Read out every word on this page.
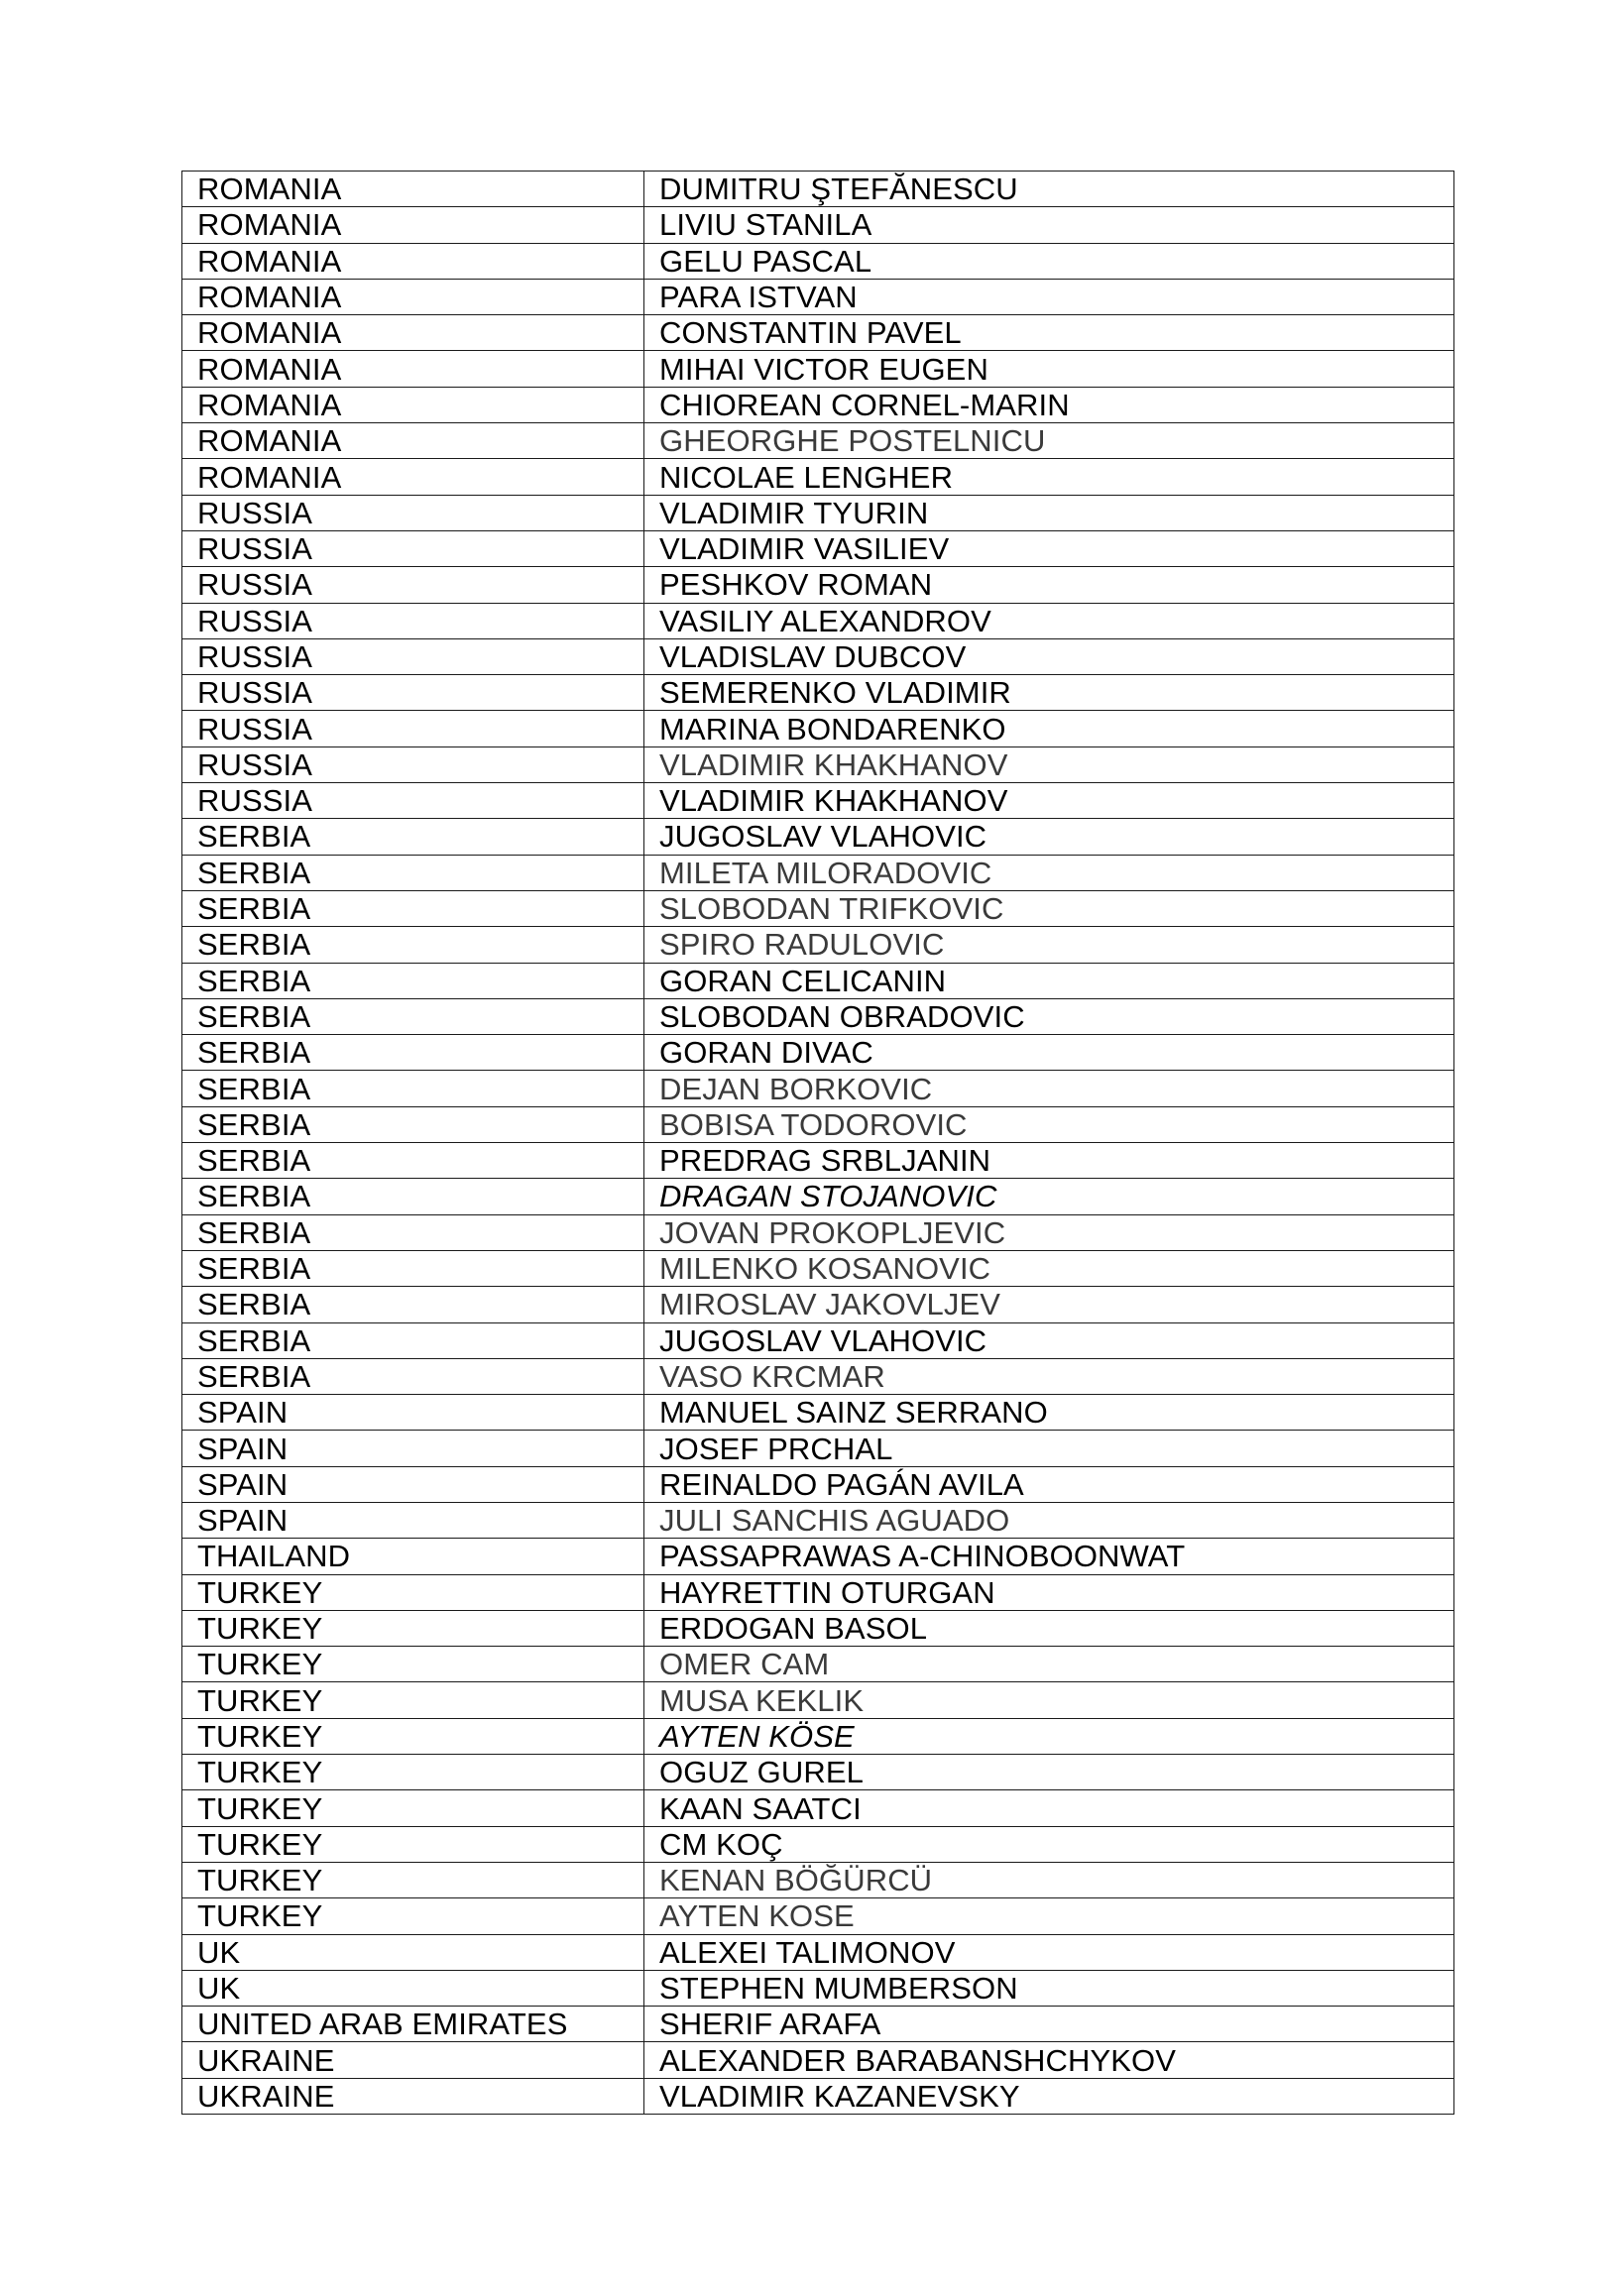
ROMANIA	DUMITRU ŞTEFĂNESCU
ROMANIA	LIVIU STANILA
ROMANIA	GELU PASCAL
ROMANIA	PARA ISTVAN
ROMANIA	CONSTANTIN PAVEL
ROMANIA	MIHAI VICTOR EUGEN
ROMANIA	CHIOREAN CORNEL-MARIN
ROMANIA	GHEORGHE POSTELNICU
ROMANIA	NICOLAE LENGHER
RUSSIA	VLADIMIR TYURIN
RUSSIA	VLADIMIR VASILIEV
RUSSIA	PESHKOV ROMAN
RUSSIA	VASILIY ALEXANDROV
RUSSIA	VLADISLAV DUBCOV
RUSSIA	SEMERENKO VLADIMIR
RUSSIA	MARINA BONDARENKO
RUSSIA	VLADIMIR KHAKHANOV
RUSSIA	VLADIMIR KHAKHANOV
SERBIA	JUGOSLAV VLAHOVIC
SERBIA	MILETA MILORADOVIC
SERBIA	SLOBODAN TRIFKOVIC
SERBIA	SPIRO RADULOVIC
SERBIA	GORAN CELICANIN
SERBIA	SLOBODAN OBRADOVIC
SERBIA	GORAN DIVAC
SERBIA	DEJAN BORKOVIC
SERBIA	BOBISA TODOROVIC
SERBIA	PREDRAG SRBLJANIN
SERBIA	DRAGAN STOJANOVIC
SERBIA	JOVAN PROKOPLJEVIC
SERBIA	MILENKO KOSANOVIC
SERBIA	MIROSLAV JAKOVLJEV
SERBIA	JUGOSLAV VLAHOVIC
SERBIA	VASO KRCMAR
SPAIN	MANUEL SAINZ SERRANO
SPAIN	JOSEF PRCHAL
SPAIN	REINALDO PAGÁN AVILA
SPAIN	JULI SANCHIS AGUADO
THAILAND	PASSAPRAWAS A-CHINOBOONWAT
TURKEY	HAYRETTIN OTURGAN
TURKEY	ERDOGAN BASOL
TURKEY	OMER CAM
TURKEY	MUSA KEKLIK
TURKEY	AYTEN KÖSE
TURKEY	OGUZ GUREL
TURKEY	KAAN SAATCI
TURKEY	CM KOÇ
TURKEY	KENAN BÖĞÜRCÜ
TURKEY	AYTEN KOSE
UK	ALEXEI TALIMONOV
UK	STEPHEN MUMBERSON
UNITED ARAB EMIRATES	SHERIF ARAFA
UKRAINE	ALEXANDER BARABANSHCHYKOV
UKRAINE	VLADIMIR KAZANEVSKY
